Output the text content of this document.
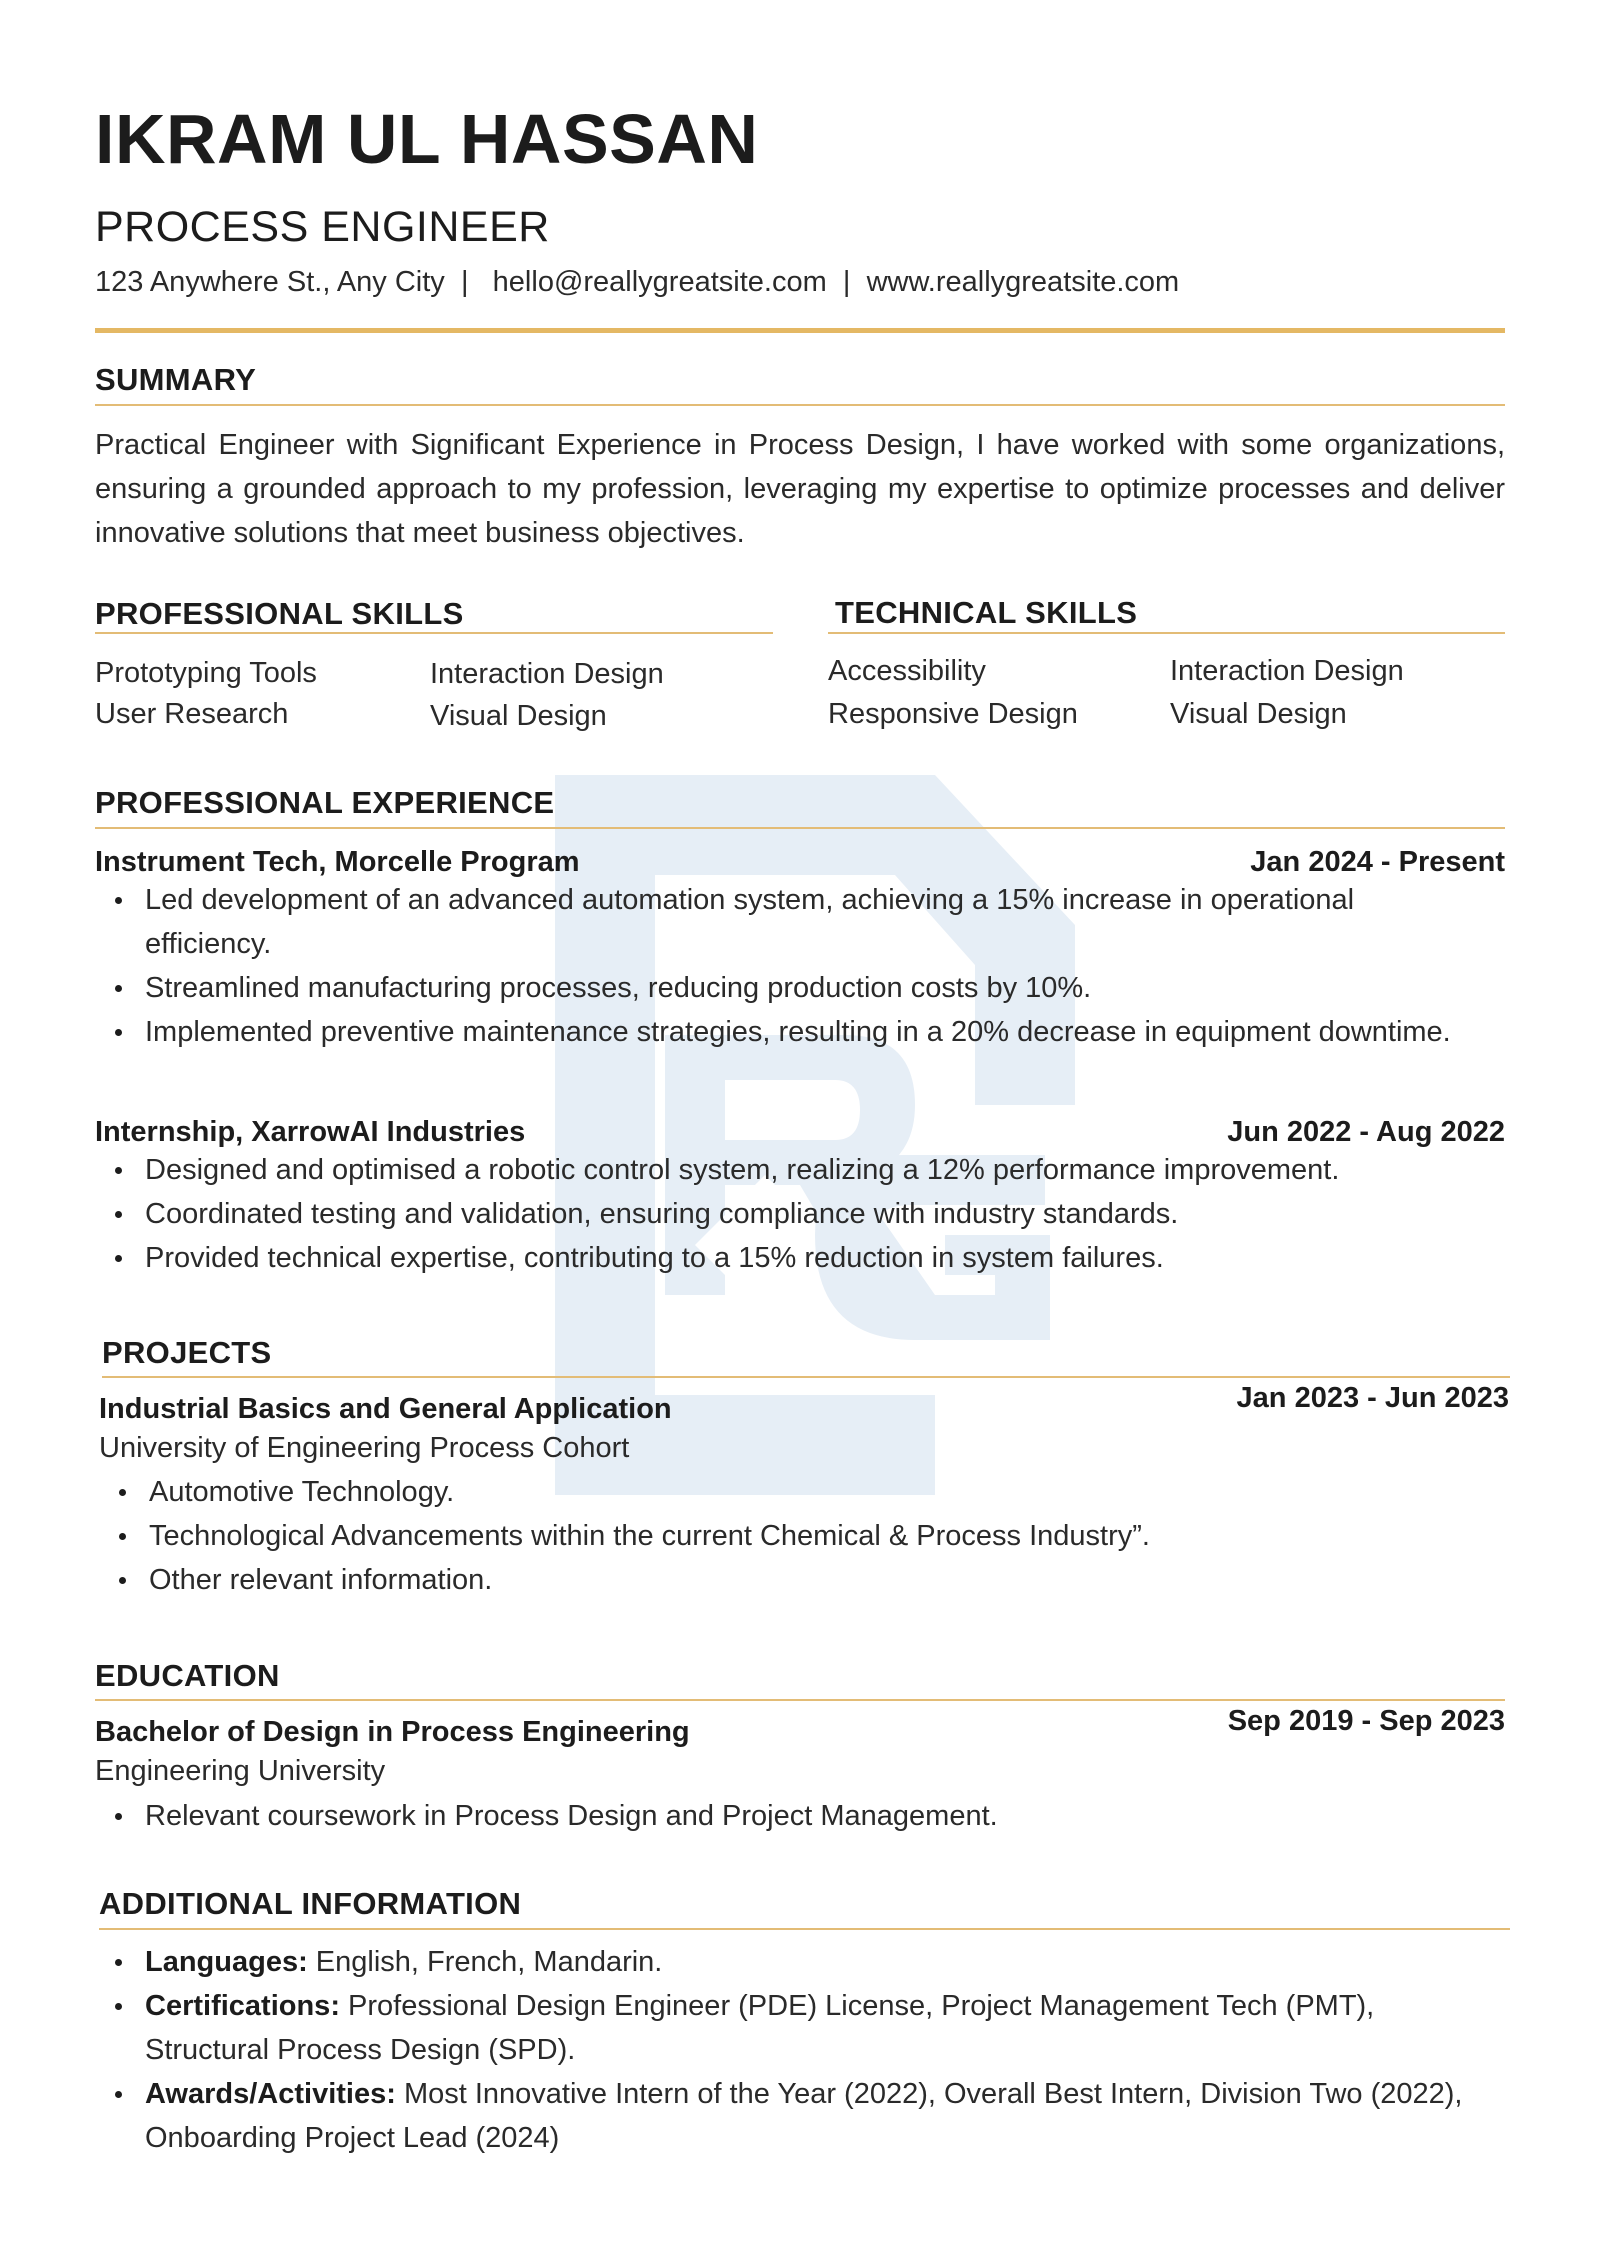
IKRAM UL HASSAN
PROCESS ENGINEER
123 Anywhere St., Any City | hello@reallygreatsite.com | www.reallygreatsite.com
SUMMARY

Practical Engineer with Significant Experience in Process Design, I have worked with some organizations, ensuring a grounded approach to my profession, leveraging my expertise to optimize processes and deliver innovative solutions that meet business objectives.

PROFESSIONAL SKILLS
Prototyping Tools	Interaction Design
User Research	Visual Design
TECHNICAL SKILLS
Accessibility	Interaction Design
Responsive Design	Visual Design
PROFESSIONAL EXPERIENCE
Instrument Tech, Morcelle Program	Jan 2024 - Present
Led development of an advanced automation system, achieving a 15% increase in operational efficiency.
Streamlined manufacturing processes, reducing production costs by 10%.
Implemented preventive maintenance strategies, resulting in a 20% decrease in equipment downtime.
Internship, XarrowAI Industries	Jun 2022 - Aug 2022
Designed and optimised a robotic control system, realizing a 12% performance improvement.
Coordinated testing and validation, ensuring compliance with industry standards.
Provided technical expertise, contributing to a 15% reduction in system failures.
PROJECTS
Industrial Basics and General Application	Jan 2023 - Jun 2023
University of Engineering Process Cohort
Automotive Technology.
Technological Advancements within the current Chemical & Process Industry”.
Other relevant information.
EDUCATION
Bachelor of Design in Process Engineering	Sep 2019 - Sep 2023
Engineering University
Relevant coursework in Process Design and Project Management.
ADDITIONAL INFORMATION
Languages: English, French, Mandarin.
Certifications: Professional Design Engineer (PDE) License, Project Management Tech (PMT), Structural Process Design (SPD).
Awards/Activities: Most Innovative Intern of the Year (2022), Overall Best Intern, Division Two (2022), Onboarding Project Lead (2024)
